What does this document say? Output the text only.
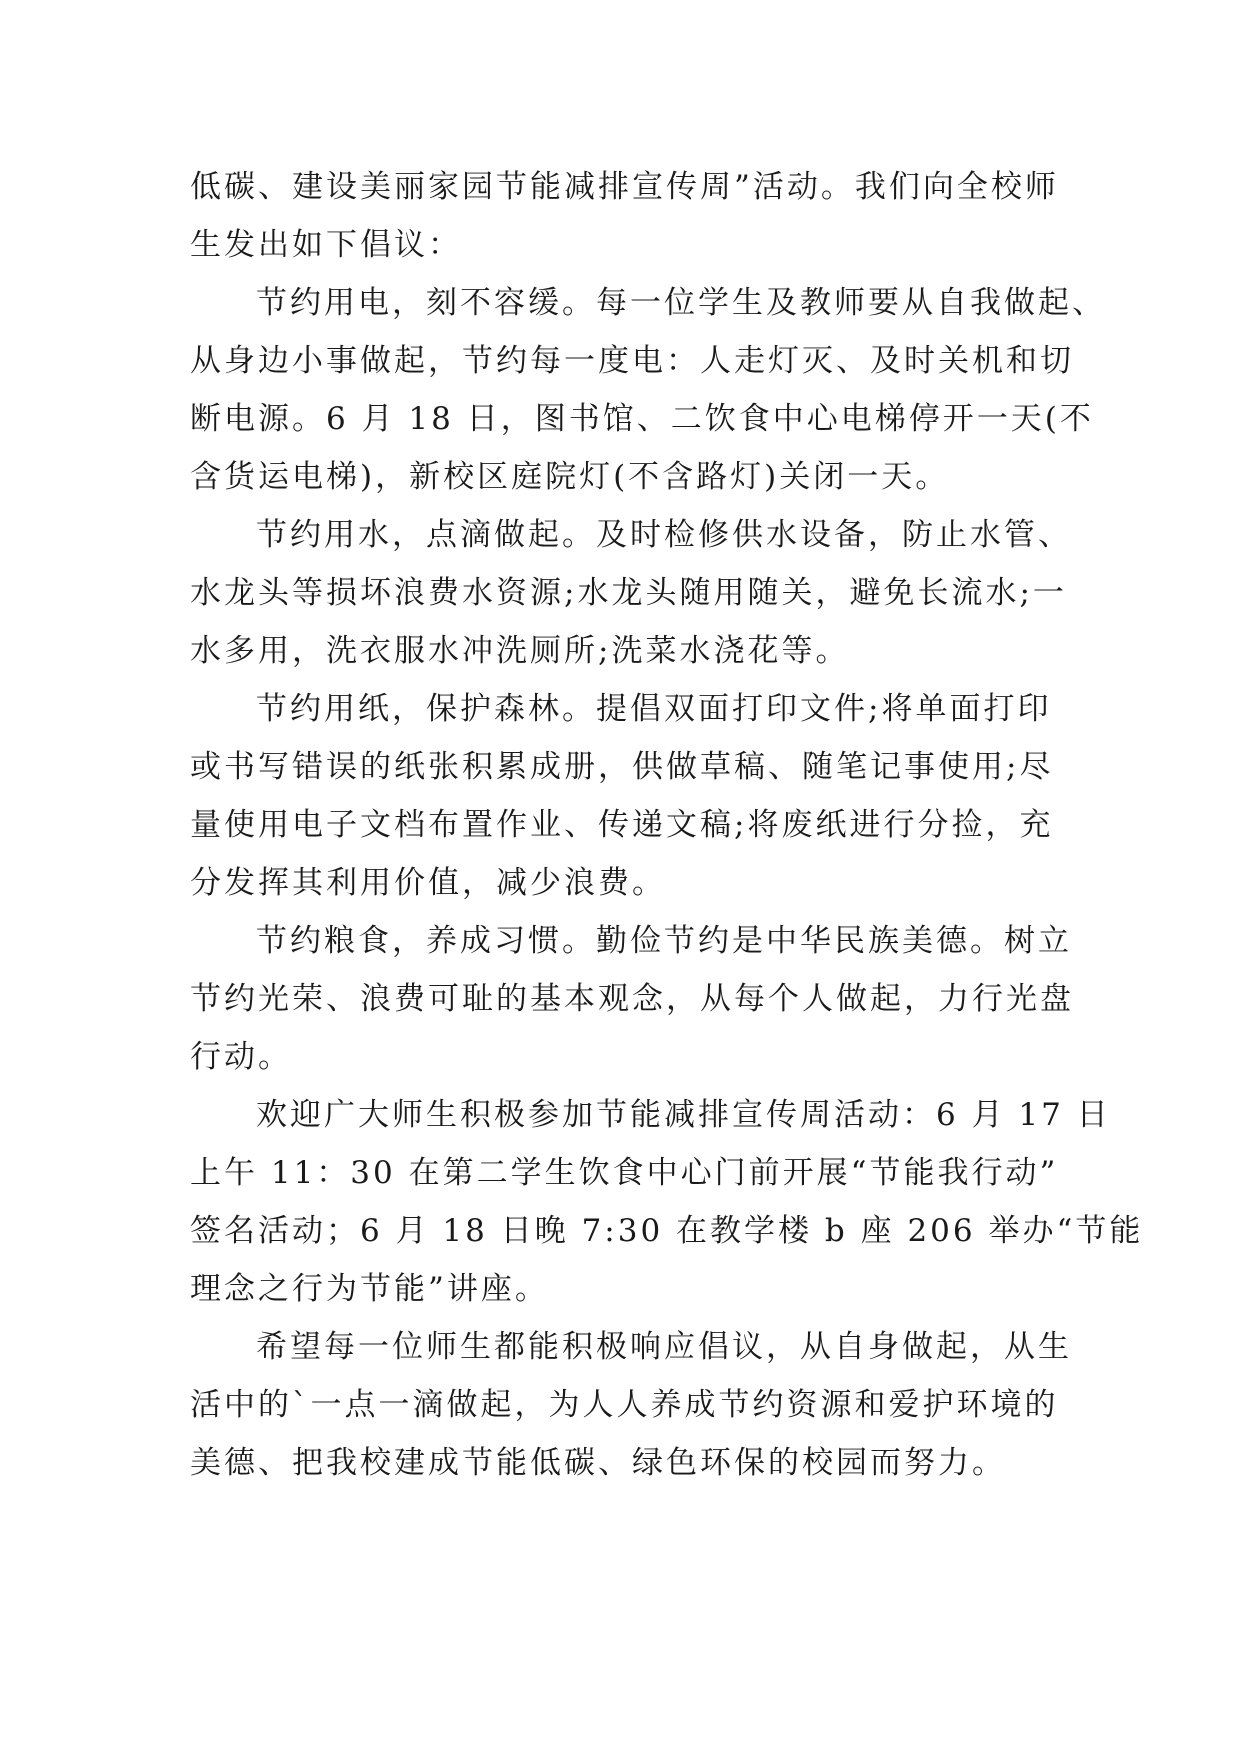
低碳、建设美丽家园节能减排宣传周”活动。我们向全校师
生发出如下倡议：
节约用电，刻不容缓。每一位学生及教师要从自我做起、
从身边小事做起，节约每一度电：人走灯灭、及时关机和切
断电源。6 月 18 日，图书馆、二饮食中心电梯停开一天(不
含货运电梯)，新校区庭院灯(不含路灯)关闭一天。
节约用水，点滴做起。及时检修供水设备，防止水管、
水龙头等损坏浪费水资源;水龙头随用随关，避免长流水;一
水多用，洗衣服水冲洗厕所;洗菜水浇花等。
节约用纸，保护森林。提倡双面打印文件;将单面打印
或书写错误的纸张积累成册，供做草稿、随笔记事使用;尽
量使用电子文档布置作业、传递文稿;将废纸进行分捡，充
分发挥其利用价值，减少浪费。
节约粮食，养成习惯。勤俭节约是中华民族美德。树立
节约光荣、浪费可耻的基本观念，从每个人做起，力行光盘
行动。
欢迎广大师生积极参加节能减排宣传周活动：6 月 17 日
上午 11：30 在第二学生饮食中心门前开展“节能我行动”
签名活动；6 月 18 日晚 7:30 在教学楼 b 座 206 举办“节能
理念之行为节能”讲座。
希望每一位师生都能积极响应倡议，从自身做起，从生
活中的`一点一滴做起，为人人养成节约资源和爱护环境的
美德、把我校建成节能低碳、绿色环保的校园而努力。
